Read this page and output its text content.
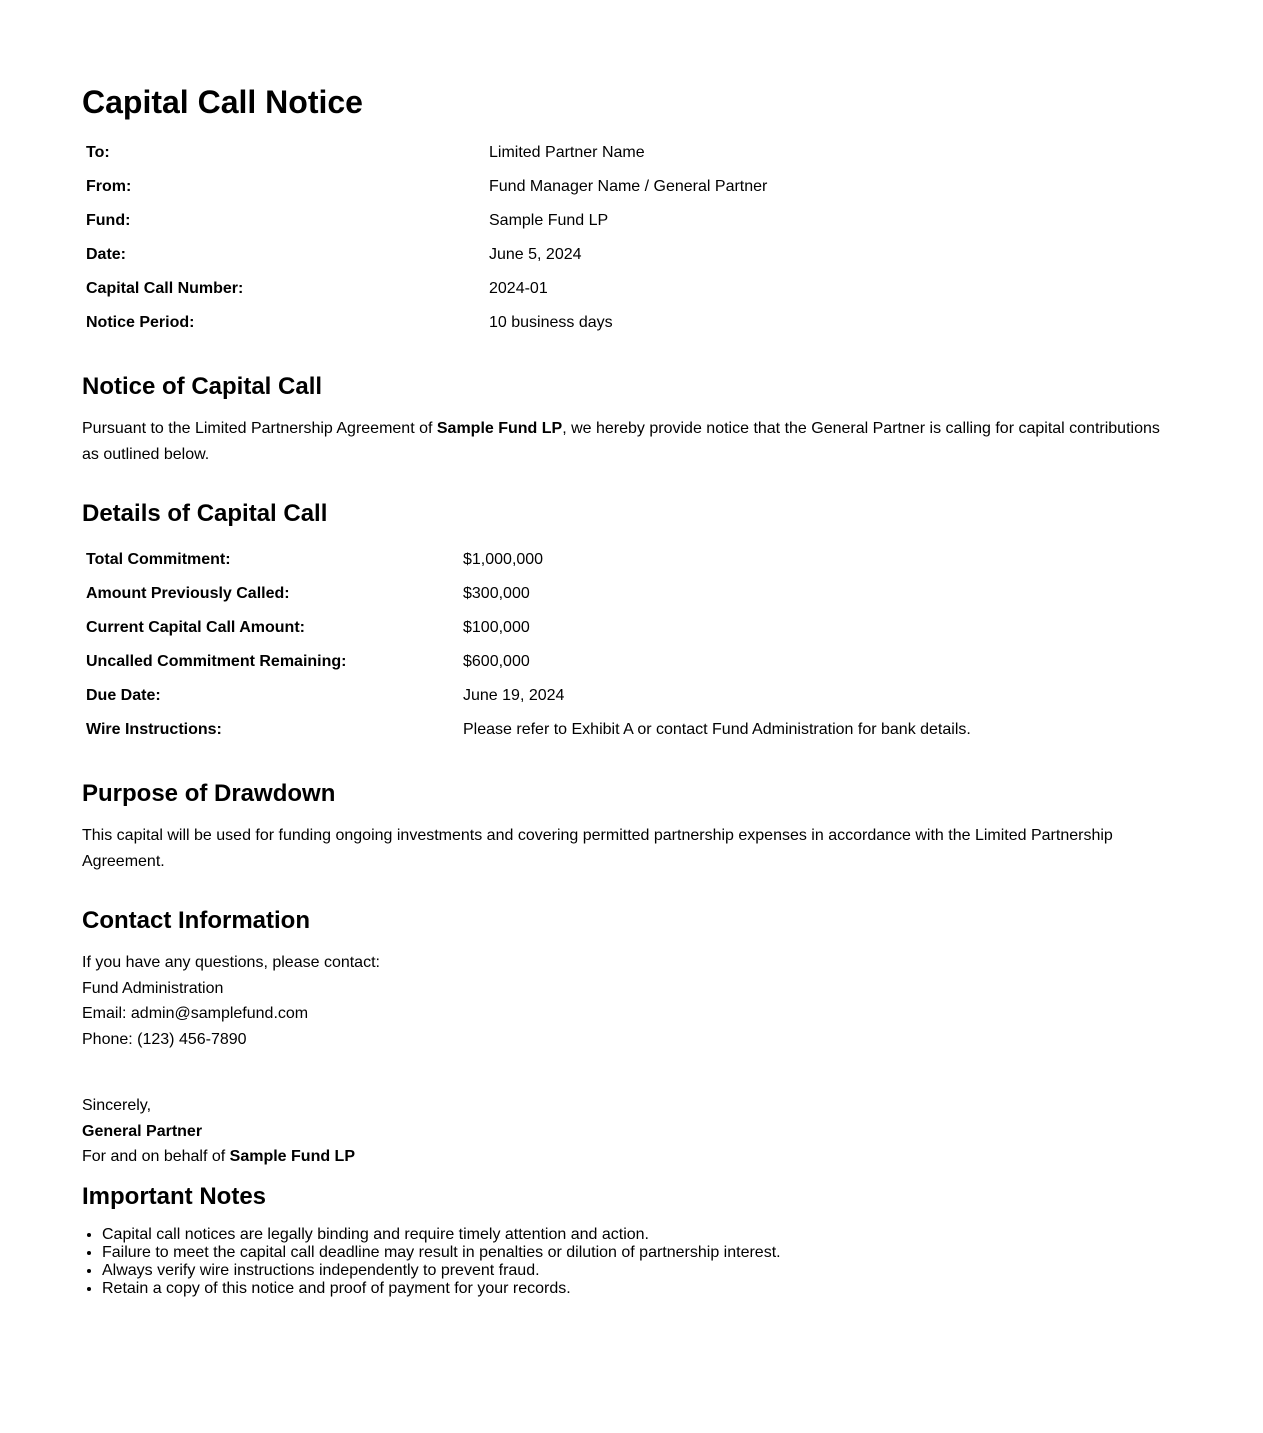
Capital Call Notice
To:	Limited Partner Name
From:	Fund Manager Name / General Partner
Fund:	Sample Fund LP
Date:	June 5, 2024
Capital Call Number:	2024-01
Notice Period:	10 business days
Notice of Capital Call

Pursuant to the Limited Partnership Agreement of Sample Fund LP, we hereby provide notice that the General Partner is calling for capital contributions as outlined below.

Details of Capital Call
Total Commitment:	$1,000,000
Amount Previously Called:	$300,000
Current Capital Call Amount:	$100,000
Uncalled Commitment Remaining:	$600,000
Due Date:	June 19, 2024
Wire Instructions:	Please refer to Exhibit A or contact Fund Administration for bank details.
Purpose of Drawdown

This capital will be used for funding ongoing investments and covering permitted partnership expenses in accordance with the Limited Partnership Agreement.

Contact Information
If you have any questions, please contact:
Fund Administration
Email: admin@samplefund.com
Phone: (123) 456-7890
Sincerely,
General Partner
For and on behalf of Sample Fund LP
Important Notes
• Capital call notices are legally binding and require timely attention and action.
• Failure to meet the capital call deadline may result in penalties or dilution of partnership interest.
• Always verify wire instructions independently to prevent fraud.
• Retain a copy of this notice and proof of payment for your records.
